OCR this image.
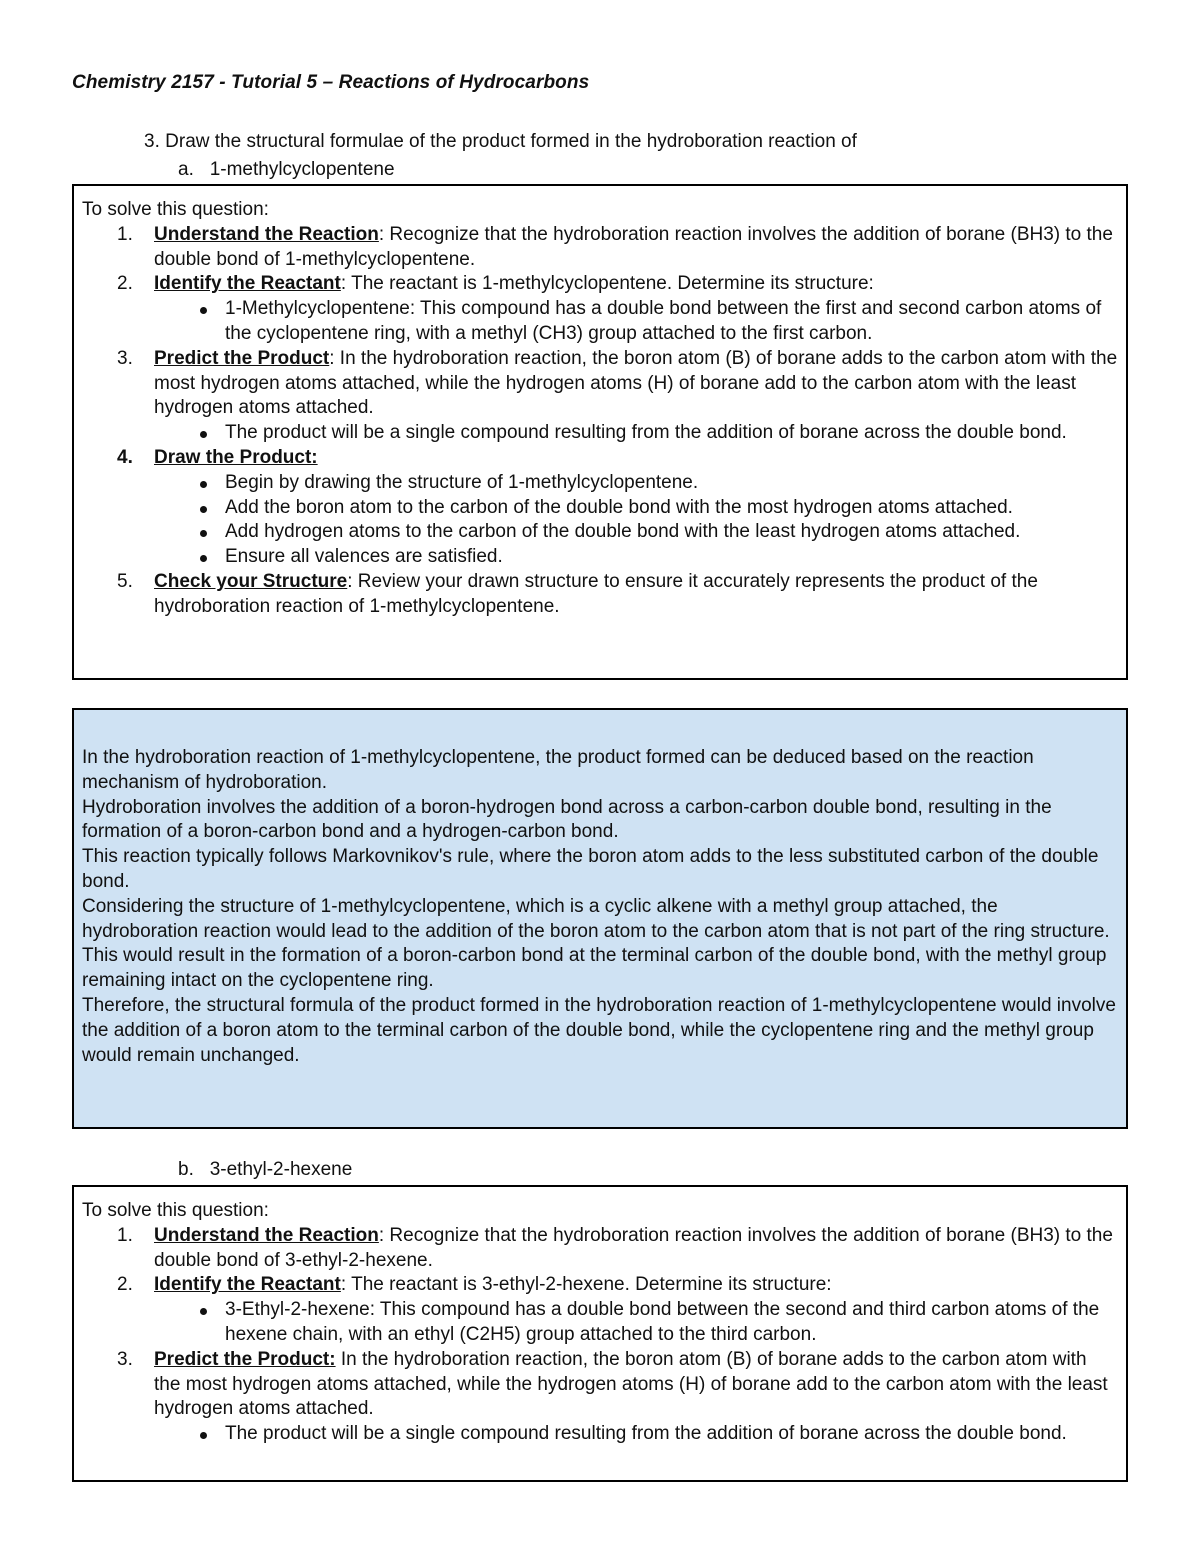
Chemistry 2157 - Tutorial 5 – Reactions of Hydrocarbons
3. Draw the structural formulae of the product formed in the hydroboration reaction of
a. 1-methylcyclopentene

To solve this question:

1. Understand the Reaction: Recognize that the hydroboration reaction involves the addition of borane (BH3) to the double bond of 1-methylcyclopentene.
2. Identify the Reactant: The reactant is 1-methylcyclopentene. Determine its structure:
1-Methylcyclopentene: This compound has a double bond between the first and second carbon atoms of the cyclopentene ring, with a methyl (CH3) group attached to the first carbon.
3. Predict the Product: In the hydroboration reaction, the boron atom (B) of borane adds to the carbon atom with the most hydrogen atoms attached, while the hydrogen atoms (H) of borane add to the carbon atom with the least hydrogen atoms attached.
The product will be a single compound resulting from the addition of borane across the double bond.
4. Draw the Product:
Begin by drawing the structure of 1-methylcyclopentene.
Add the boron atom to the carbon of the double bond with the most hydrogen atoms attached.
Add hydrogen atoms to the carbon of the double bond with the least hydrogen atoms attached.
Ensure all valences are satisfied.
5. Check your Structure: Review your drawn structure to ensure it accurately represents the product of the hydroboration reaction of 1-methylcyclopentene.

In the hydroboration reaction of 1-methylcyclopentene, the product formed can be deduced based on the reaction mechanism of hydroboration.

Hydroboration involves the addition of a boron-hydrogen bond across a carbon-carbon double bond, resulting in the formation of a boron-carbon bond and a hydrogen-carbon bond.

This reaction typically follows Markovnikov's rule, where the boron atom adds to the less substituted carbon of the double bond.

Considering the structure of 1-methylcyclopentene, which is a cyclic alkene with a methyl group attached, the hydroboration reaction would lead to the addition of the boron atom to the carbon atom that is not part of the ring structure.

This would result in the formation of a boron-carbon bond at the terminal carbon of the double bond, with the methyl group remaining intact on the cyclopentene ring.

Therefore, the structural formula of the product formed in the hydroboration reaction of 1-methylcyclopentene would involve the addition of a boron atom to the terminal carbon of the double bond, while the cyclopentene ring and the methyl group would remain unchanged.

b. 3-ethyl-2-hexene

To solve this question:

1. Understand the Reaction: Recognize that the hydroboration reaction involves the addition of borane (BH3) to the double bond of 3-ethyl-2-hexene.
2. Identify the Reactant: The reactant is 3-ethyl-2-hexene. Determine its structure:
3-Ethyl-2-hexene: This compound has a double bond between the second and third carbon atoms of the hexene chain, with an ethyl (C2H5) group attached to the third carbon.
3. Predict the Product: In the hydroboration reaction, the boron atom (B) of borane adds to the carbon atom with the most hydrogen atoms attached, while the hydrogen atoms (H) of borane add to the carbon atom with the least hydrogen atoms attached.
The product will be a single compound resulting from the addition of borane across the double bond.
